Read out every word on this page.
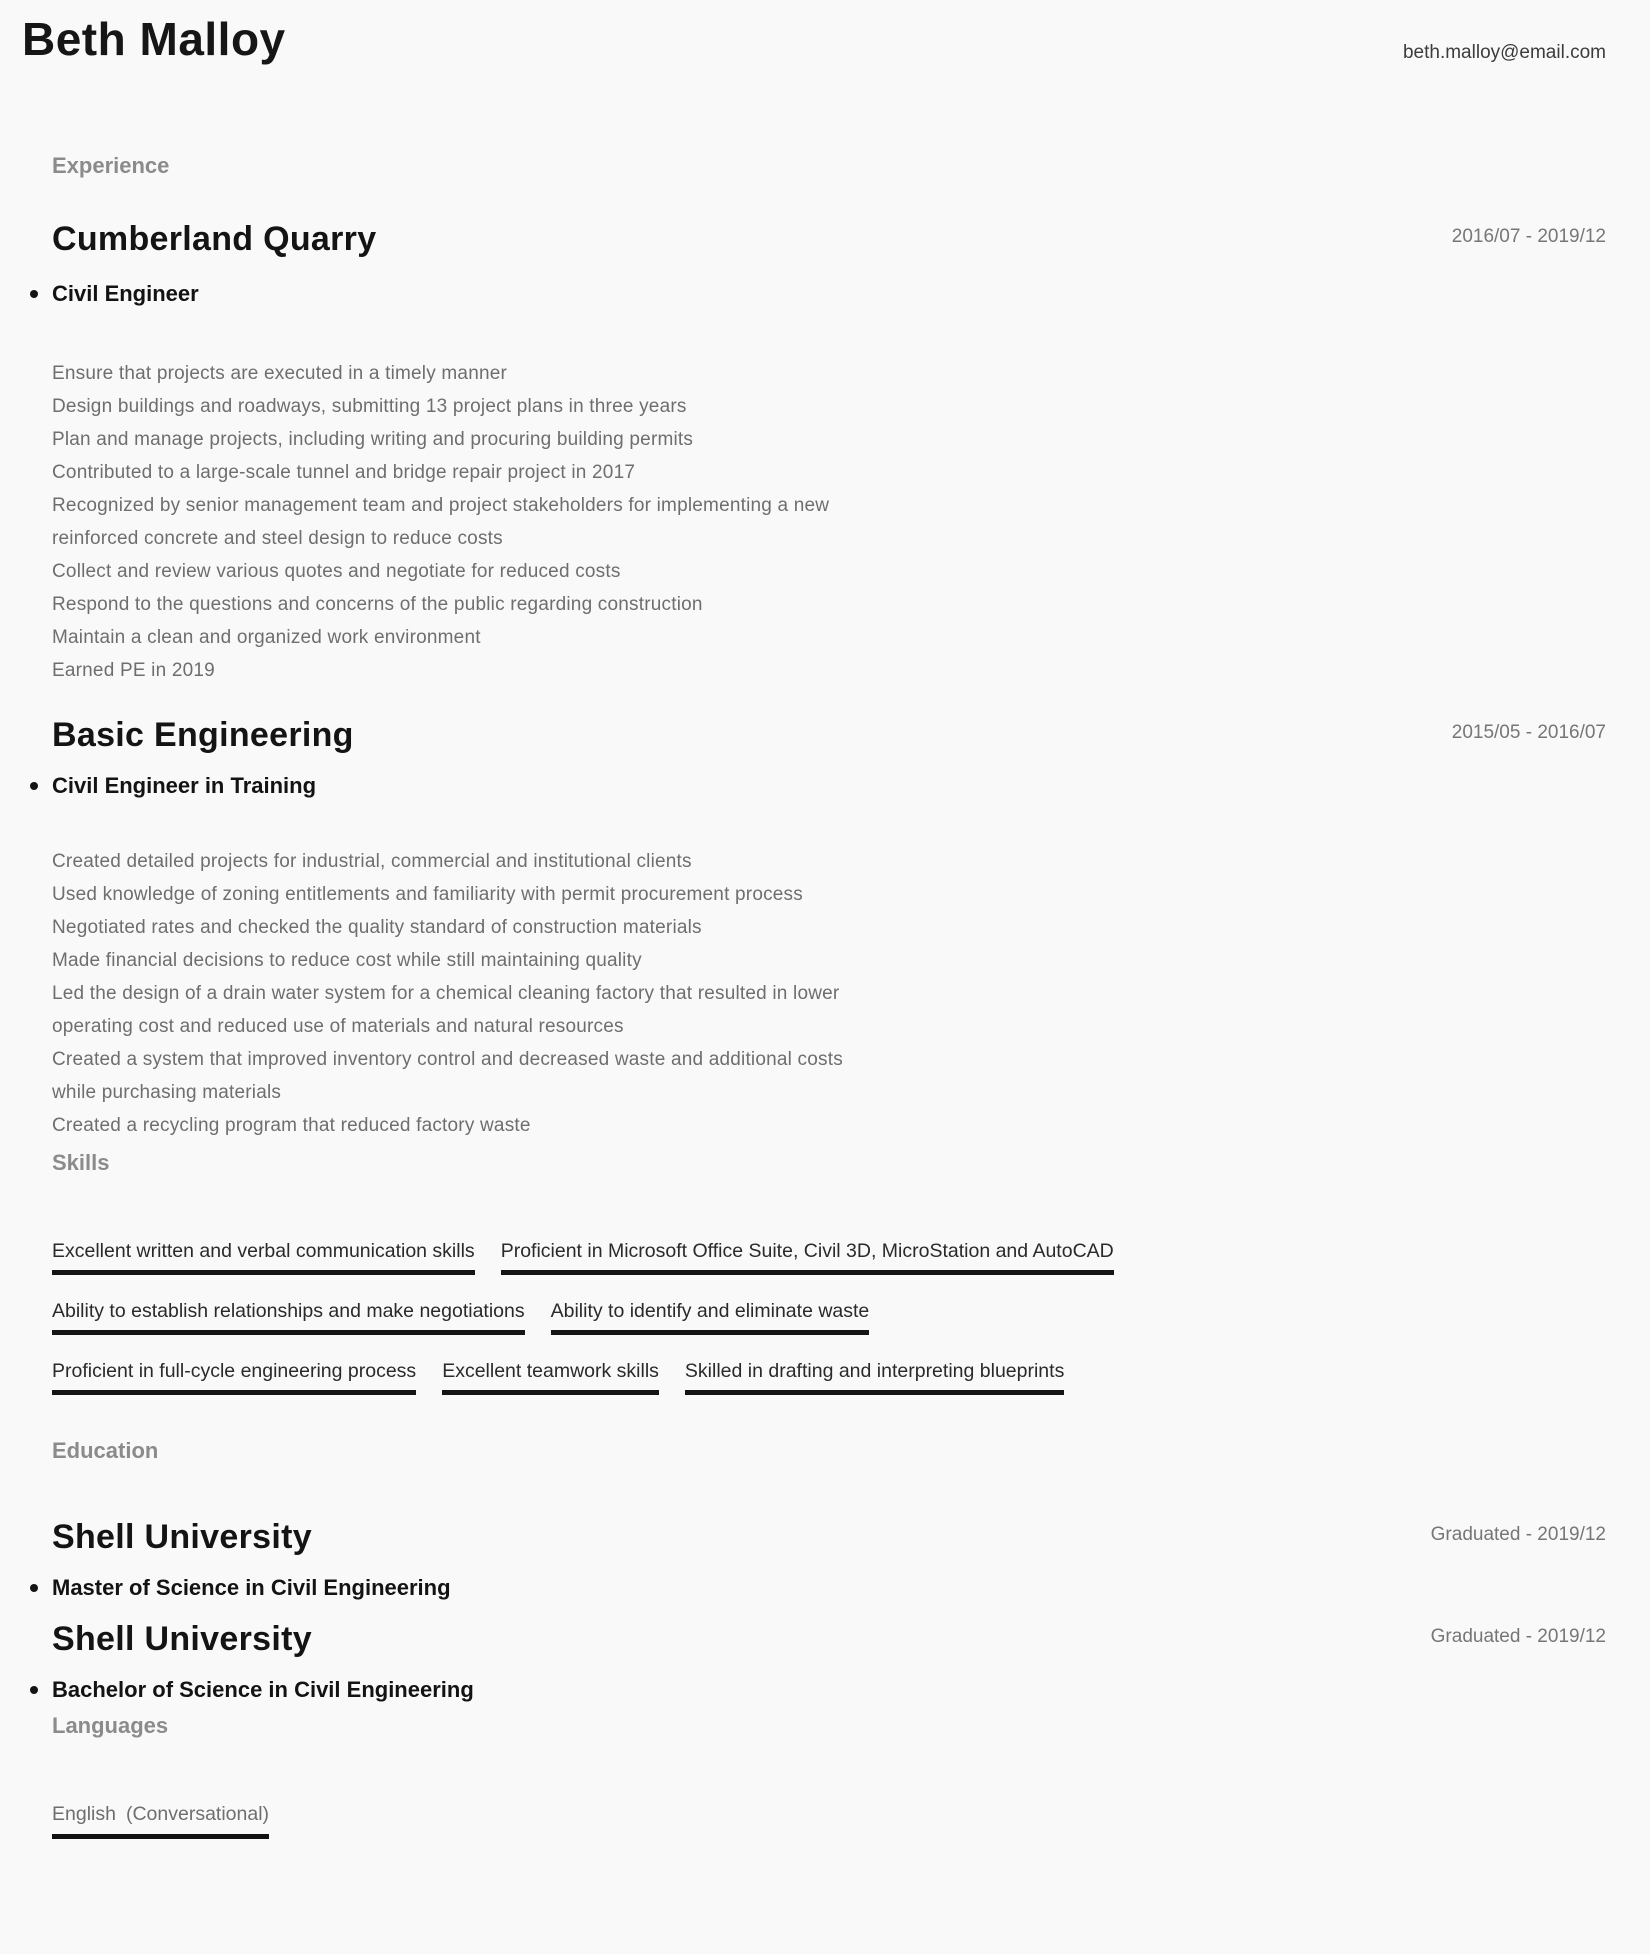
Beth Malloy	beth.malloy@email.com
Experience
Cumberland Quarry	2016/07 - 2019/12
Civil Engineer
Ensure that projects are executed in a timely manner
Design buildings and roadways, submitting 13 project plans in three years
Plan and manage projects, including writing and procuring building permits
Contributed to a large-scale tunnel and bridge repair project in 2017
Recognized by senior management team and project stakeholders for implementing a new
reinforced concrete and steel design to reduce costs
Collect and review various quotes and negotiate for reduced costs
Respond to the questions and concerns of the public regarding construction
Maintain a clean and organized work environment
Earned PE in 2019
Basic Engineering	2015/05 - 2016/07
Civil Engineer in Training
Created detailed projects for industrial, commercial and institutional clients
Used knowledge of zoning entitlements and familiarity with permit procurement process
Negotiated rates and checked the quality standard of construction materials
Made financial decisions to reduce cost while still maintaining quality
Led the design of a drain water system for a chemical cleaning factory that resulted in lower
operating cost and reduced use of materials and natural resources
Created a system that improved inventory control and decreased waste and additional costs
while purchasing materials
Created a recycling program that reduced factory waste
Skills
Excellent written and verbal communication skills Proficient in Microsoft Office Suite, Civil 3D, MicroStation and AutoCAD
Ability to establish relationships and make negotiations Ability to identify and eliminate waste
Proficient in full-cycle engineering process Excellent teamwork skills Skilled in drafting and interpreting blueprints
Education
Shell University	Graduated - 2019/12
Master of Science in Civil Engineering
Shell University	Graduated - 2019/12
Bachelor of Science in Civil Engineering
Languages
English (Conversational)
